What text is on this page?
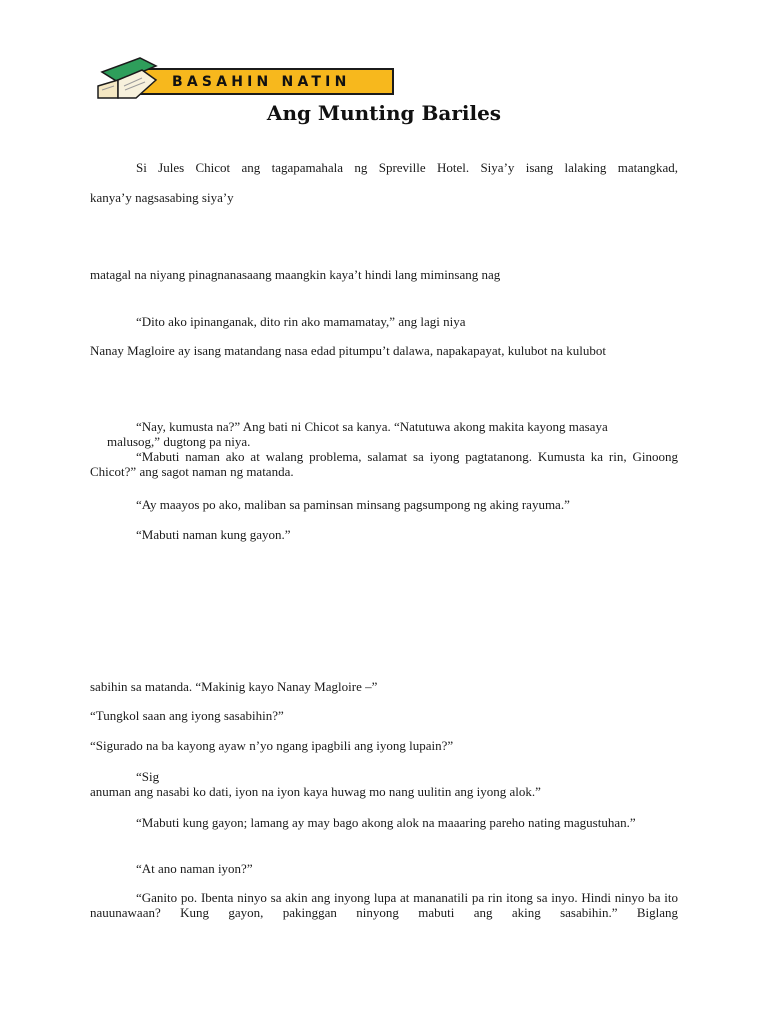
BASAHIN NATIN
Ang Munting Bariles
Si Jules Chicot ang tagapamahala ng Spreville Hotel. Siya’y isang lalaking matangkad,
kanya’y nagsasabing siya’y
matagal na niyang pinagnanasaang maangkin kaya’t hindi lang miminsang nag
“Dito ako ipinanganak, dito rin ako mamamatay,” ang lagi niya
Nanay Magloire ay isang matandang nasa edad pitumpu’t dalawa, napakapayat, kulubot na kulubot
“Nay, kumusta na?” Ang bati ni Chicot sa kanya. “Natutuwa akong makita kayong masaya
malusog,” dugtong pa niya.
“Mabuti naman ako at walang problema, salamat sa iyong pagtatanong. Kumusta ka rin, Ginoong Chicot?” ang sagot naman ng matanda.
“Ay maayos po ako, maliban sa paminsan minsang pagsumpong ng aking rayuma.”
“Mabuti naman kung gayon.”
sabihin sa matanda. “Makinig kayo Nanay Magloire –”
“Tungkol saan ang iyong sasabihin?”
“Sigurado na ba kayong ayaw n’yo ngang ipagbili ang iyong lupain?”
“Sig
anuman ang nasabi ko dati, iyon na iyon kaya huwag mo nang uulitin ang iyong alok.”
“Mabuti kung gayon; lamang ay may bago akong alok na maaaring pareho nating magustuhan.”
“At ano naman iyon?”
“Ganito po. Ibenta ninyo sa akin ang inyong lupa at mananatili pa rin itong sa inyo. Hindi ninyo ba ito nauunawaan? Kung gayon, pakinggan ninyong mabuti ang aking sasabihin.” Biglang
